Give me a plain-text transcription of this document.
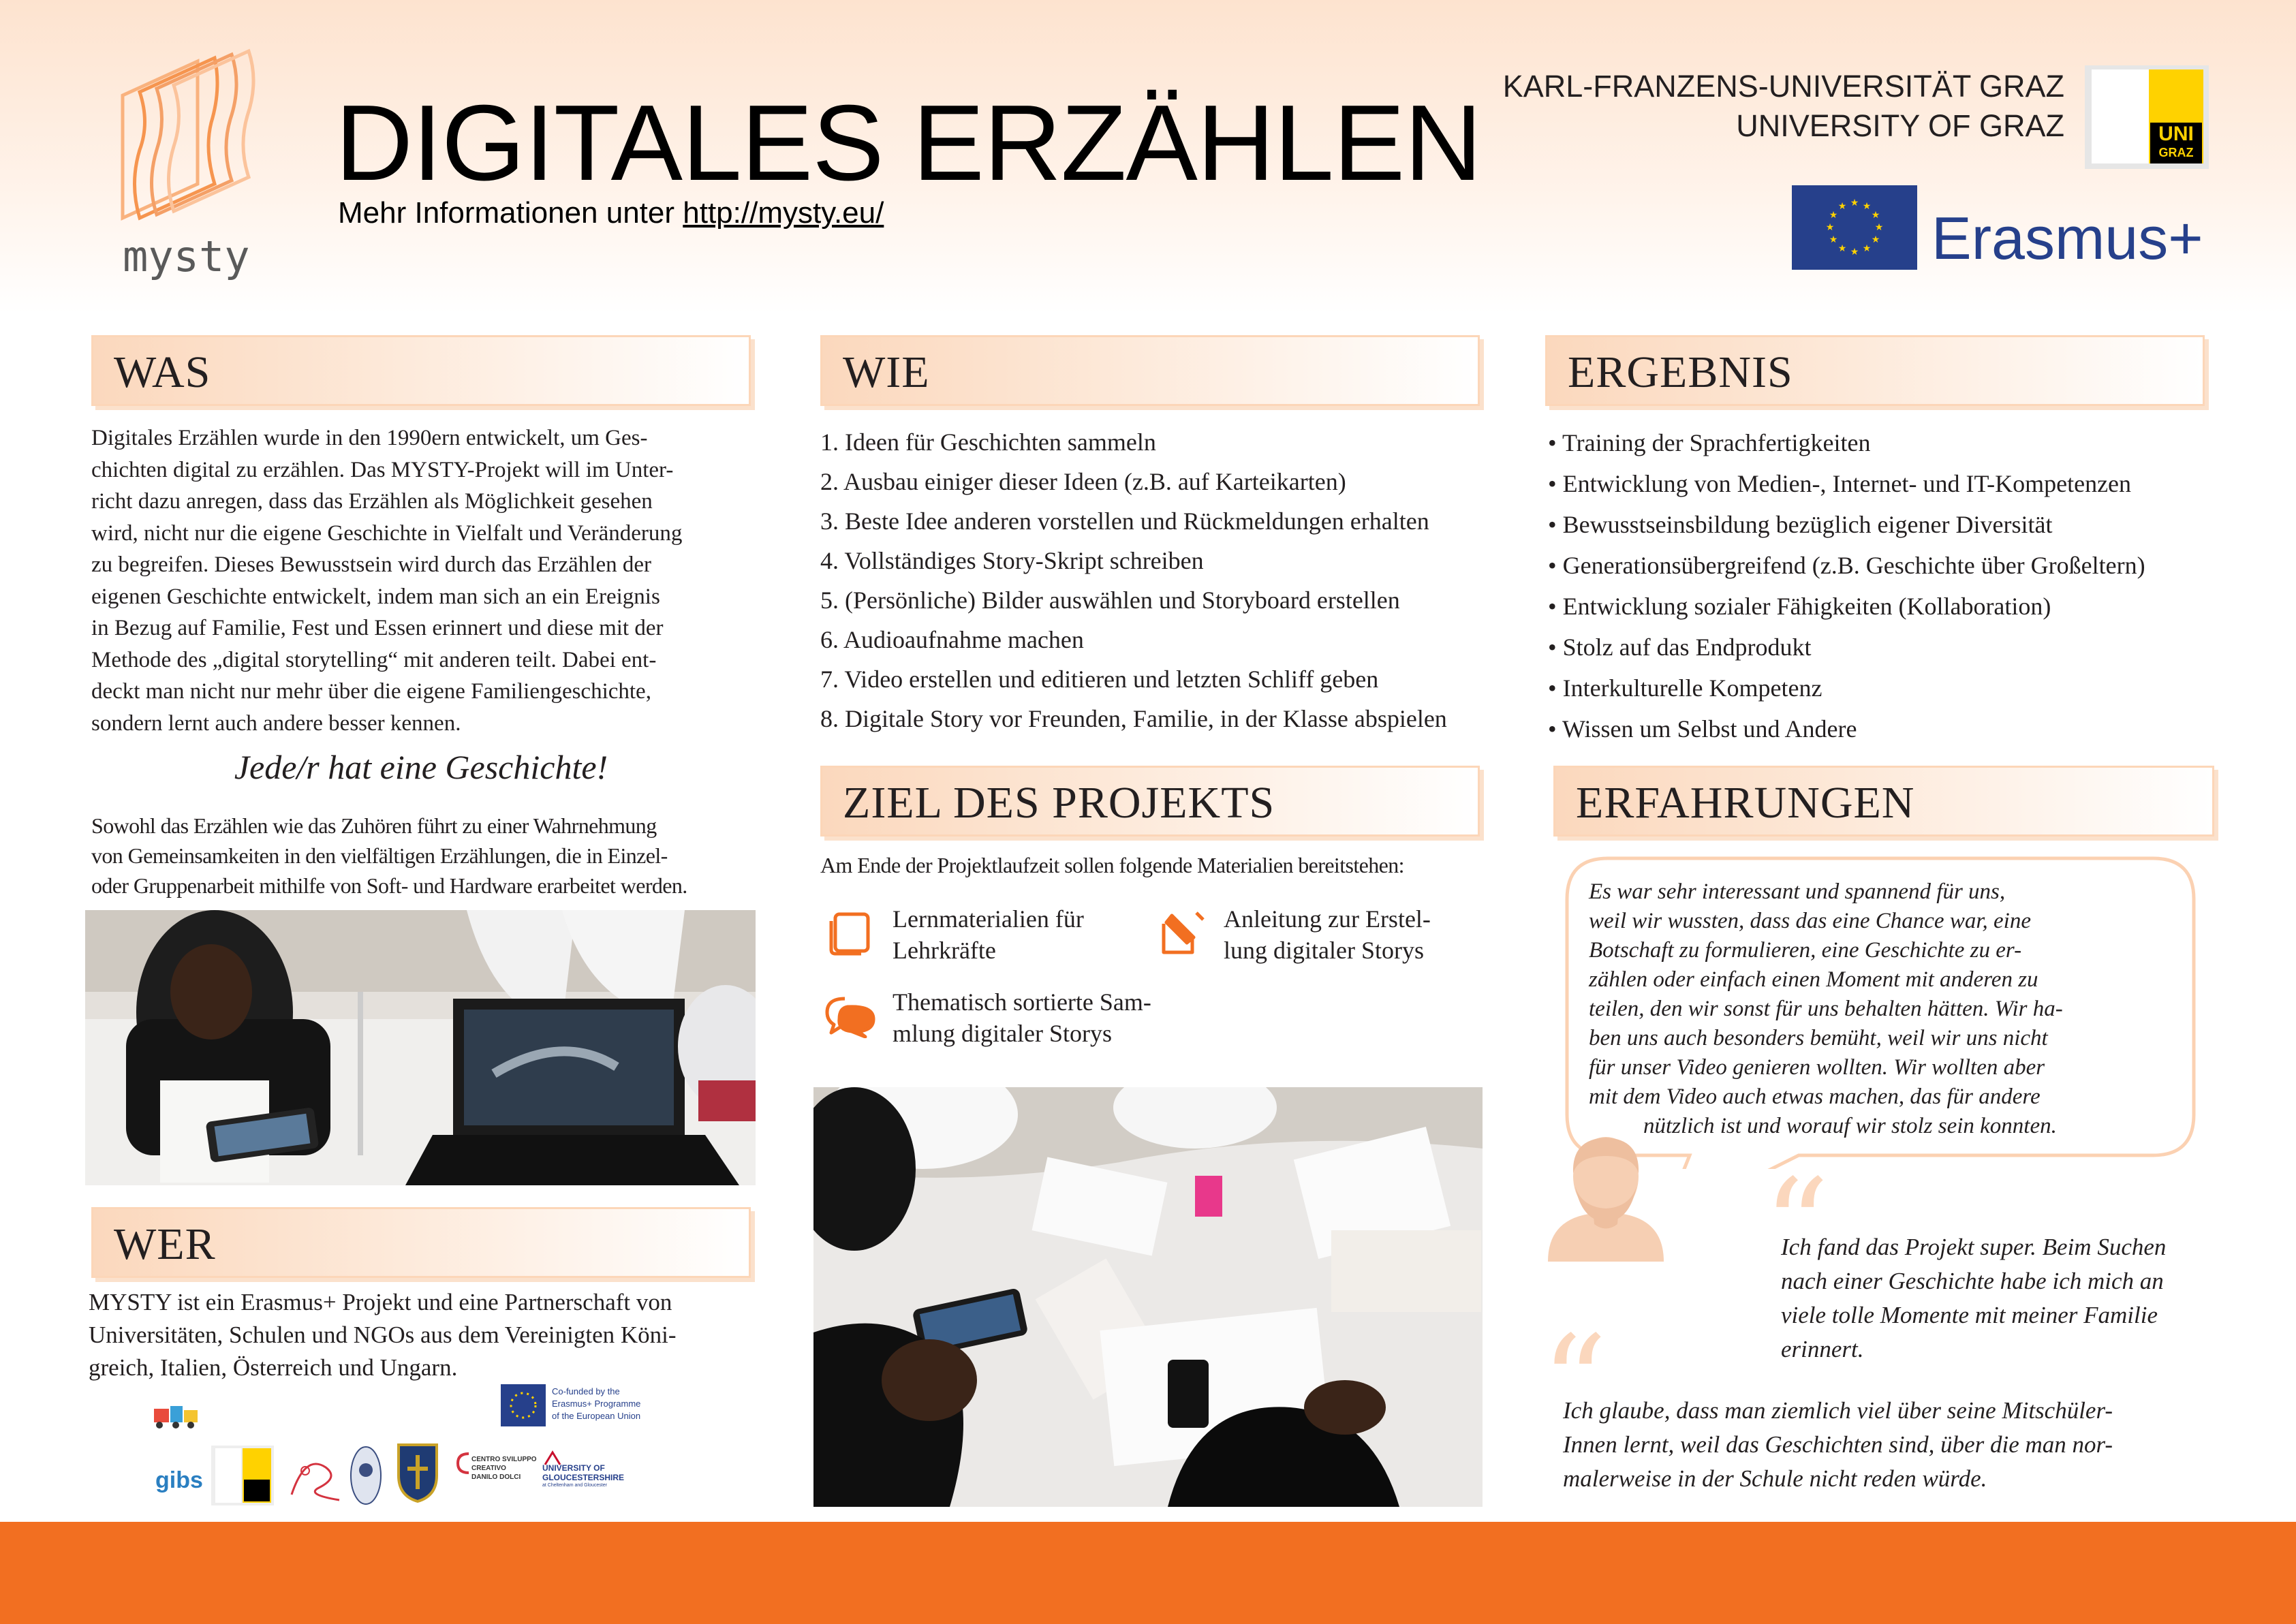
mysty
DIGITALES ERZÄHLEN
Mehr Informationen unter http://mysty.eu/
KARL-FRANZENS-UNIVERSITÄT GRAZ
UNIVERSITY OF GRAZ	UNI
GRAZ
★ ★
★
★
★
★
★
★
★
★
★
★ Erasmus+
WAS
Digitales Erzählen wurde in den 1990ern entwickelt, um Ges-
chichten digital zu erzählen. Das MYSTY-Projekt will im Unter-
richt dazu anregen, dass das Erzählen als Möglichkeit gesehen
wird, nicht nur die eigene Geschichte in Vielfalt und Veränderung
zu begreifen. Dieses Bewusstsein wird durch das Erzählen der
eigenen Geschichte entwickelt, indem man sich an ein Ereignis
in Bezug auf Familie, Fest und Essen erinnert und diese mit der
Methode des „digital storytelling“ mit anderen teilt. Dabei ent-
deckt man nicht nur mehr über die eigene Familiengeschichte,
sondern lernt auch andere besser kennen.
Jede/r hat eine Geschichte!
Sowohl das Erzählen wie das Zuhören führt zu einer Wahrnehmung
von Gemeinsamkeiten in den vielfältigen Erzählungen, die in Einzel-
oder Gruppenarbeit mithilfe von Soft- und Hardware erarbeitet werden.
WER
MYSTY ist ein Erasmus+ Projekt und eine Partnerschaft von
Universitäten, Schulen und NGOs aus dem Vereinigten Köni-
greich, Italien, Österreich und Ungarn.
Co-funded by the
Erasmus+ Programme
of the European Union
gibs
CENTRO SVILUPPO
CREATIVO
DANILO DOLCI
UNIVERSITY OF
GLOUCESTERSHIRE
at Cheltenham and Gloucester
WIE
1. Ideen für Geschichten sammeln
2. Ausbau einiger dieser Ideen (z.B. auf Karteikarten)
3. Beste Idee anderen vorstellen und Rückmeldungen erhalten
4. Vollständiges Story-Skript schreiben
5. (Persönliche) Bilder auswählen und Storyboard erstellen
6. Audioaufnahme machen
7. Video erstellen und editieren und letzten Schliff geben
8. Digitale Story vor Freunden, Familie, in der Klasse abspielen
ZIEL DES PROJEKTS
Am Ende der Projektlaufzeit sollen folgende Materialien bereitstehen:
Lernmaterialien für
Lehrkräfte
Anleitung zur Erstel-
lung digitaler Storys
Thematisch sortierte Sam-
mlung digitaler Storys
ERGEBNIS
• Training der Sprachfertigkeiten
• Entwicklung von Medien-, Internet- und IT-Kompetenzen
• Bewusstseinsbildung bezüglich eigener Diversität
• Generationsübergreifend (z.B. Geschichte über Großeltern)
• Entwicklung sozialer Fähigkeiten (Kollaboration)
• Stolz auf das Endprodukt
• Interkulturelle Kompetenz
• Wissen um Selbst und Andere
ERFAHRUNGEN
Es war sehr interessant und spannend für uns,
weil wir wussten, dass das eine Chance war, eine
Botschaft zu formulieren, eine Geschichte zu er-
zählen oder einfach einen Moment mit anderen zu
teilen, den wir sonst für uns behalten hätten. Wir ha-
ben uns auch besonders bemüht, weil wir uns nicht
für unser Video genieren wollten. Wir wollten aber
mit dem Video auch etwas machen, das für andere
nützlich ist und worauf wir stolz sein konnten.
“
Ich fand das Projekt super. Beim Suchen
nach einer Geschichte habe ich mich an
viele tolle Momente mit meiner Familie
erinnert.
“
Ich glaube, dass man ziemlich viel über seine Mitschüler-
Innen lernt, weil das Geschichten sind, über die man nor-
malerweise in der Schule nicht reden würde.
